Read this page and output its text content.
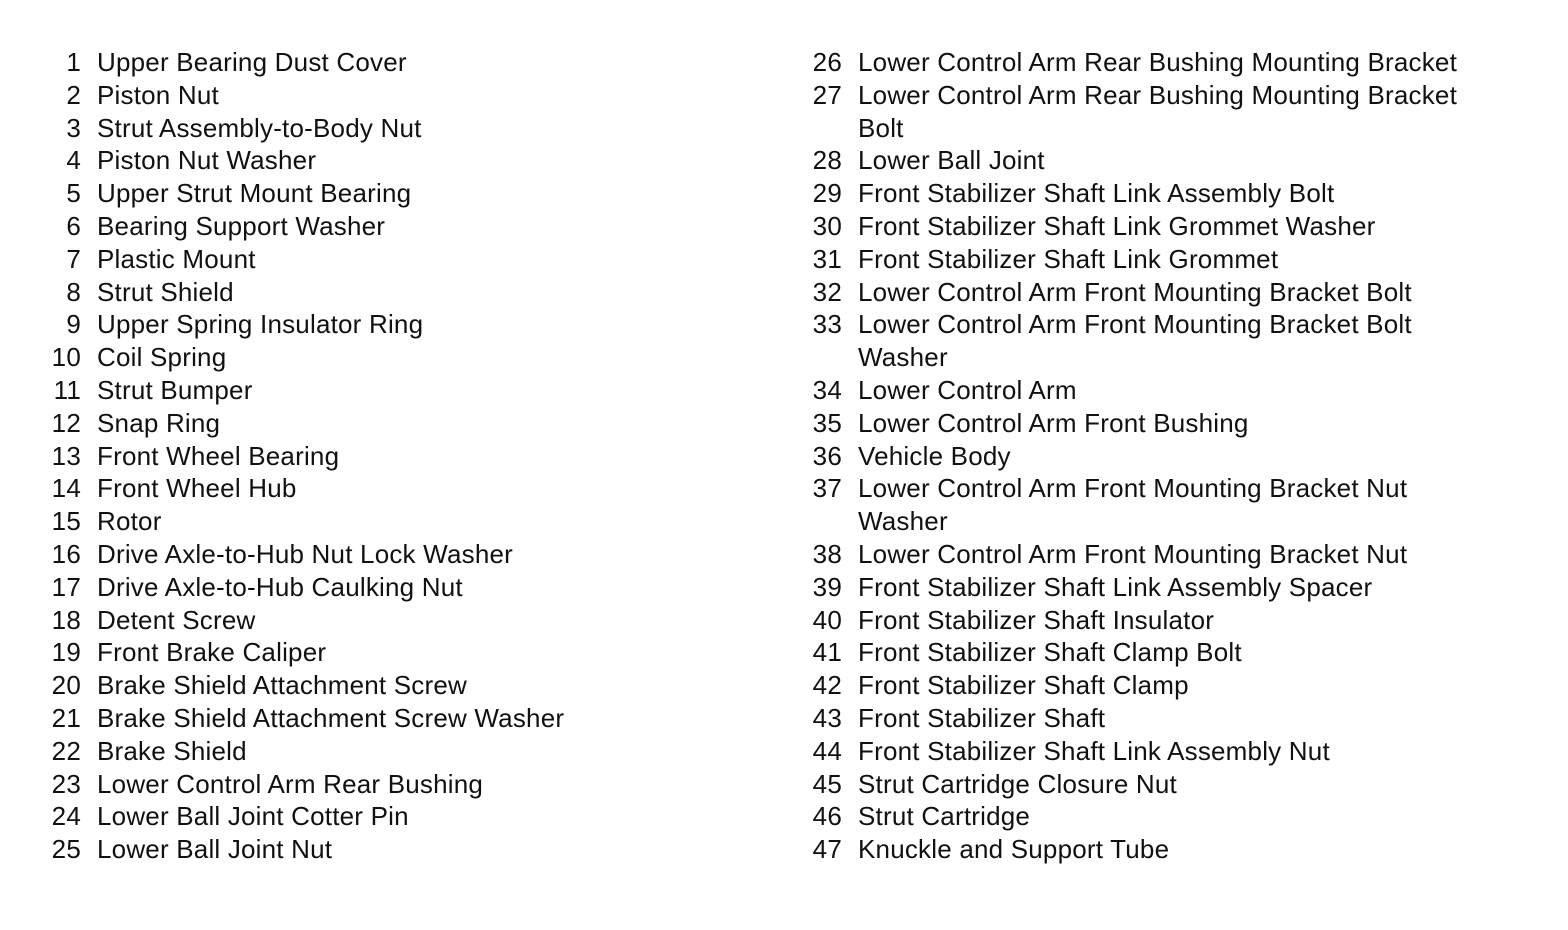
1 Upper Bearing Dust Cover
2 Piston Nut
3 Strut Assembly-to-Body Nut
4 Piston Nut Washer
5 Upper Strut Mount Bearing
6 Bearing Support Washer
7 Plastic Mount
8 Strut Shield
9 Upper Spring Insulator Ring
10 Coil Spring
11 Strut Bumper
12 Snap Ring
13 Front Wheel Bearing
14 Front Wheel Hub
15 Rotor
16 Drive Axle-to-Hub Nut Lock Washer
17 Drive Axle-to-Hub Caulking Nut
18 Detent Screw
19 Front Brake Caliper
20 Brake Shield Attachment Screw
21 Brake Shield Attachment Screw Washer
22 Brake Shield
23 Lower Control Arm Rear Bushing
24 Lower Ball Joint Cotter Pin
25 Lower Ball Joint Nut
26 Lower Control Arm Rear Bushing Mounting Bracket
27 Lower Control Arm Rear Bushing Mounting Bracket Bolt
28 Lower Ball Joint
29 Front Stabilizer Shaft Link Assembly Bolt
30 Front Stabilizer Shaft Link Grommet Washer
31 Front Stabilizer Shaft Link Grommet
32 Lower Control Arm Front Mounting Bracket Bolt
33 Lower Control Arm Front Mounting Bracket Bolt Washer
34 Lower Control Arm
35 Lower Control Arm Front Bushing
36 Vehicle Body
37 Lower Control Arm Front Mounting Bracket Nut Washer
38 Lower Control Arm Front Mounting Bracket Nut
39 Front Stabilizer Shaft Link Assembly Spacer
40 Front Stabilizer Shaft Insulator
41 Front Stabilizer Shaft Clamp Bolt
42 Front Stabilizer Shaft Clamp
43 Front Stabilizer Shaft
44 Front Stabilizer Shaft Link Assembly Nut
45 Strut Cartridge Closure Nut
46 Strut Cartridge
47 Knuckle and Support Tube
